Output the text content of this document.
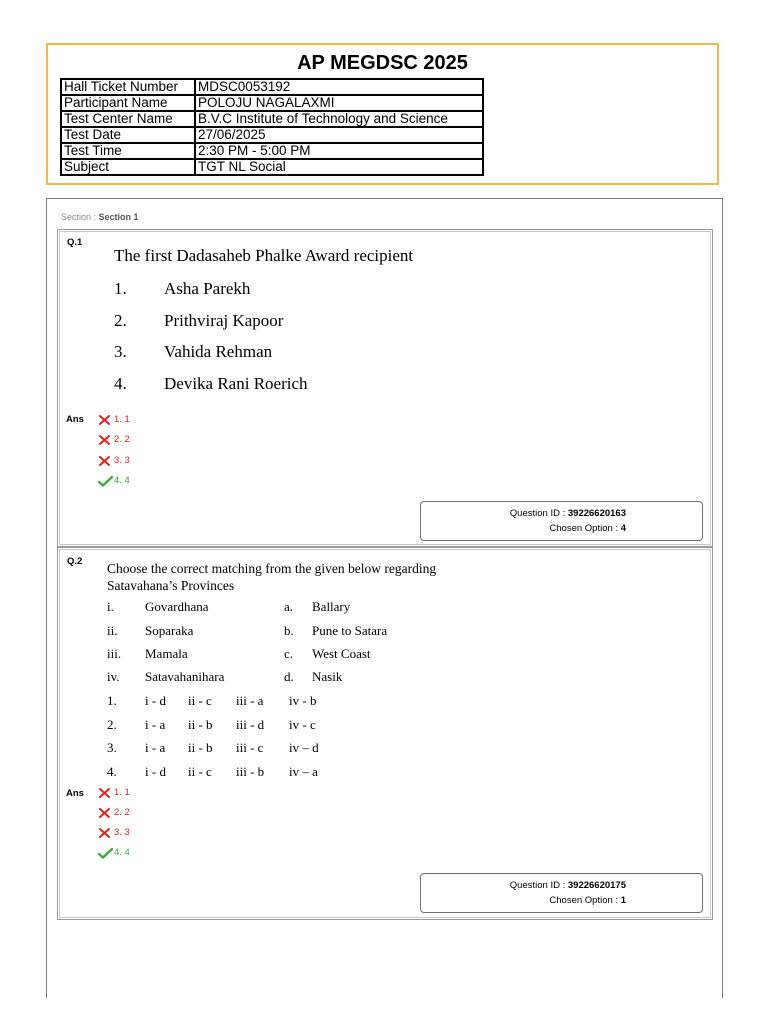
AP MEGDSC 2025
Hall Ticket Number	MDSC0053192
Participant Name	POLOJU NAGALAXMI
Test Center Name	B.V.C Institute of Technology and Science
Test Date	27/06/2025
Test Time	2:30 PM - 5:00 PM
Subject	TGT NL Social
Section : Section 1
Q.1
The first Dadasaheb Phalke Award recipient
1. Asha Parekh
2. Prithviraj Kapoor
3. Vahida Rehman
4. Devika Rani Roerich
Ans	1. 1
2. 2
3. 3
4. 4
Question ID : 39226620163
Chosen Option : 4
Q.2 Choose the correct matching from the given below regarding
Satavahana’s Provinces
i. Govardhana	a. Ballary
ii. Soparaka	b. Pune to Satara
iii. Mamala	c. West Coast
iv. Satavahanihara	d. Nasik
1. i - d ii - c iii - a iv - b
2. i - a ii - b iii - d iv - c
3. i - a ii - b iii - c iv – d
4. i - d ii - c iii - b iv – a
Ans	1. 1
2. 2
3. 3
4. 4
Question ID : 39226620175
Chosen Option : 1
